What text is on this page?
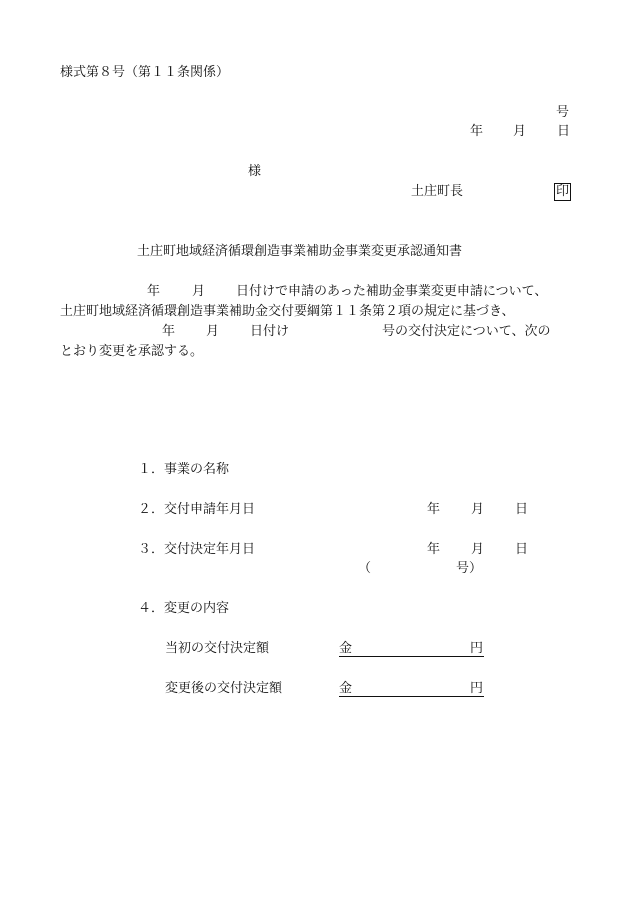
様式第８号（第１１条関係）
号
年 月 日
様
土庄町長	印
土庄町地域経済循環創造事業補助金事業変更承認通知書
年 月 日付けで申請のあった補助金事業変更申請について、
土庄町地域経済循環創造事業補助金交付要綱第１１条第２項の規定に基づき、
年 月 日付け	号の交付決定について、次の
とおり変更を承認する。
１．事業の名称
２．交付申請年月日	年 月 日
３．交付決定年月日	年 月 日
（	号）
４．変更の内容
当初の交付決定額	金	円
変更後の交付決定額	金	円
